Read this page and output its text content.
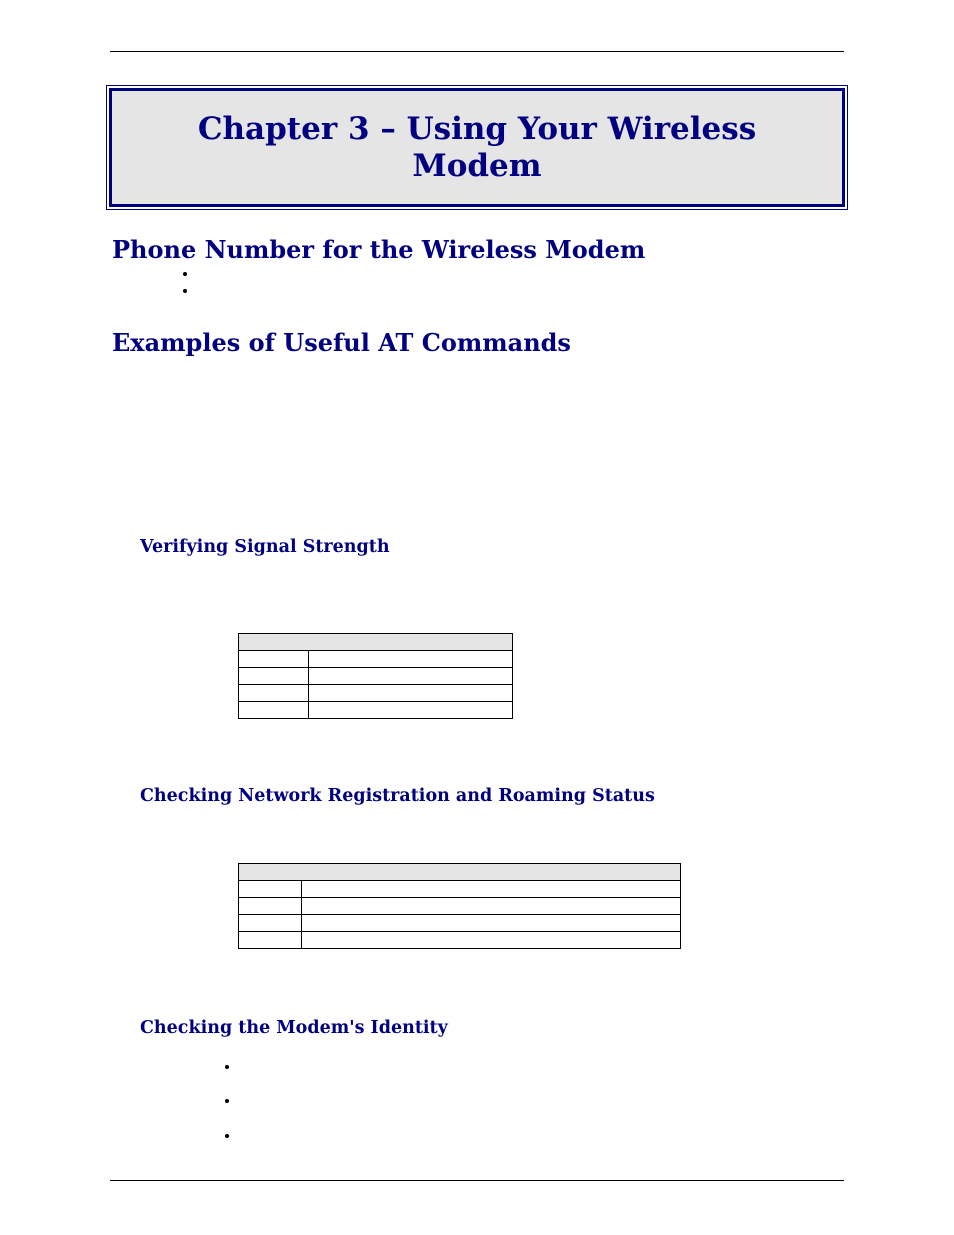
Chapter 3 – Using Your Wireless Modem
Phone Number for the Wireless Modem
Examples of Useful AT Commands
Verifying Signal Strength

Checking Network Registration and Roaming Status

Checking the Modem's Identity
